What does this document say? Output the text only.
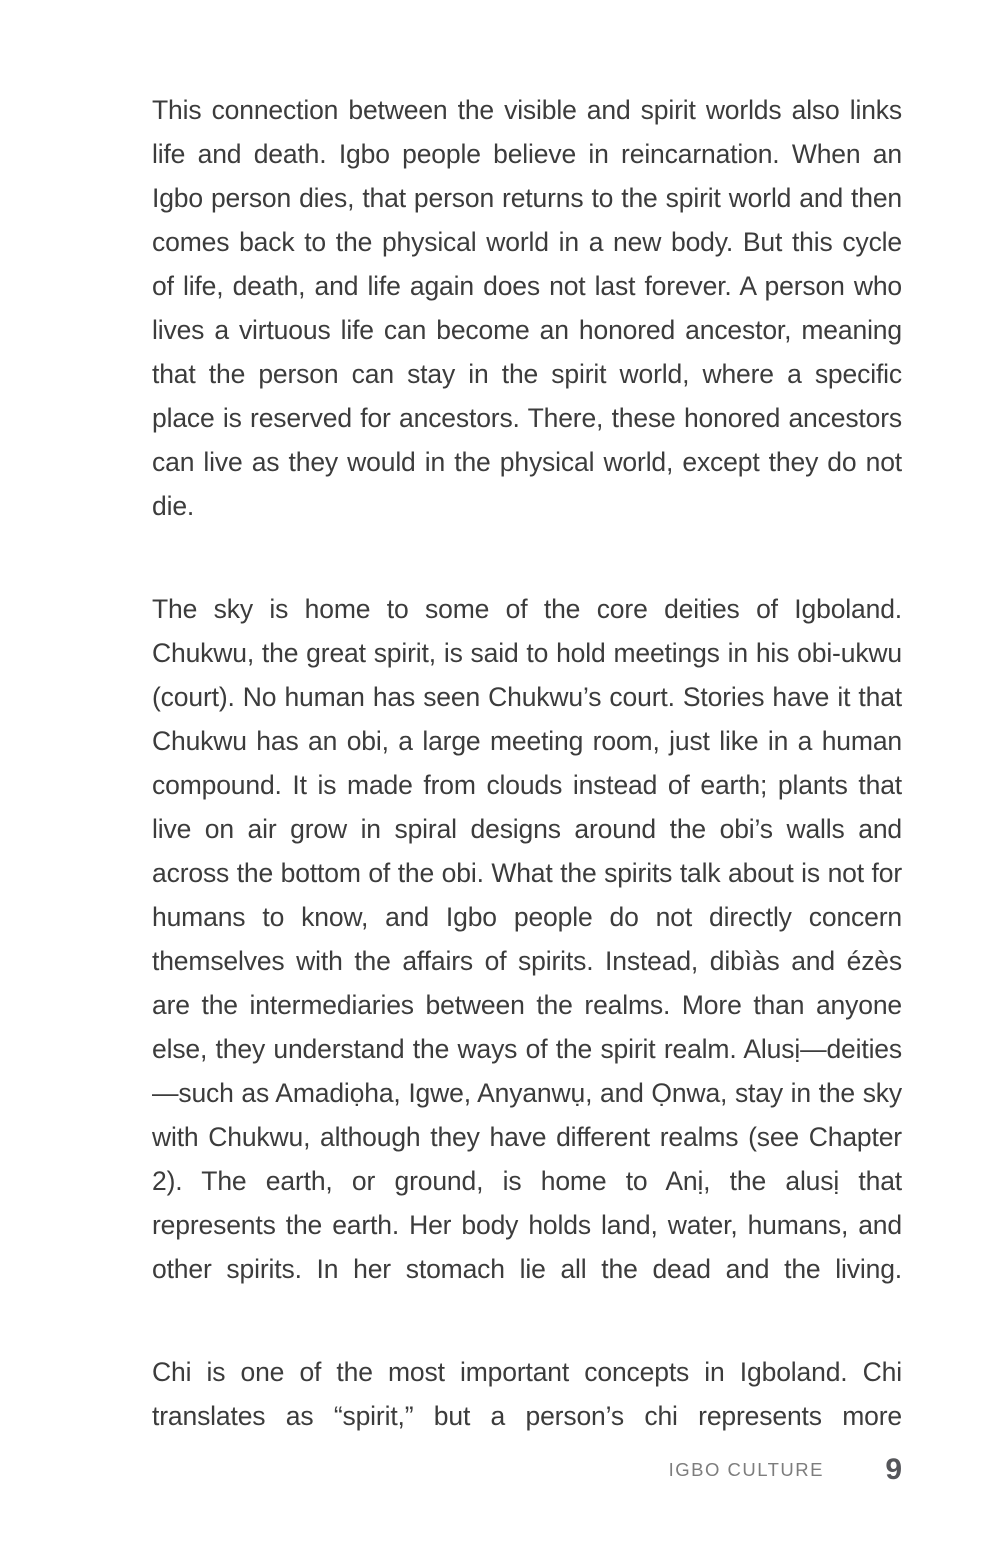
This connection between the visible and spirit worlds also links life and death. Igbo people believe in reincarnation. When an Igbo person dies, that person returns to the spirit world and then comes back to the physical world in a new body. But this cycle of life, death, and life again does not last forever. A person who lives a virtuous life can become an honored ancestor, meaning that the person can stay in the spirit world, where a specific place is reserved for ancestors. There, these honored ancestors can live as they would in the physical world, except they do not die.

The sky is home to some of the core deities of Igboland. Chukwu, the great spirit, is said to hold meetings in his obi-ukwu (court). No human has seen Chukwu’s court. Stories have it that Chukwu has an obi, a large meeting room, just like in a human compound. It is made from clouds instead of earth; plants that live on air grow in spiral designs around the obi’s walls and across the bottom of the obi. What the spirits talk about is not for humans to know, and Igbo people do not directly concern themselves with the affairs of spirits. Instead, dibìàs and ézès are the intermediaries between the realms. More than anyone else, they understand the ways of the spirit realm. Alusị—deities—such as Amadiọha, Igwe, Anyanwụ, and Ọnwa, stay in the sky with Chukwu, although they have different realms (see Chapter 2). The earth, or ground, is home to Anị, the alusị that represents the earth. Her body holds land, water, humans, and other spirits. In her stomach lie all the dead and the living.

Chi is one of the most important concepts in Igboland. Chi translates as “spirit,” but a person’s chi represents more

IGBO CULTURE 9
